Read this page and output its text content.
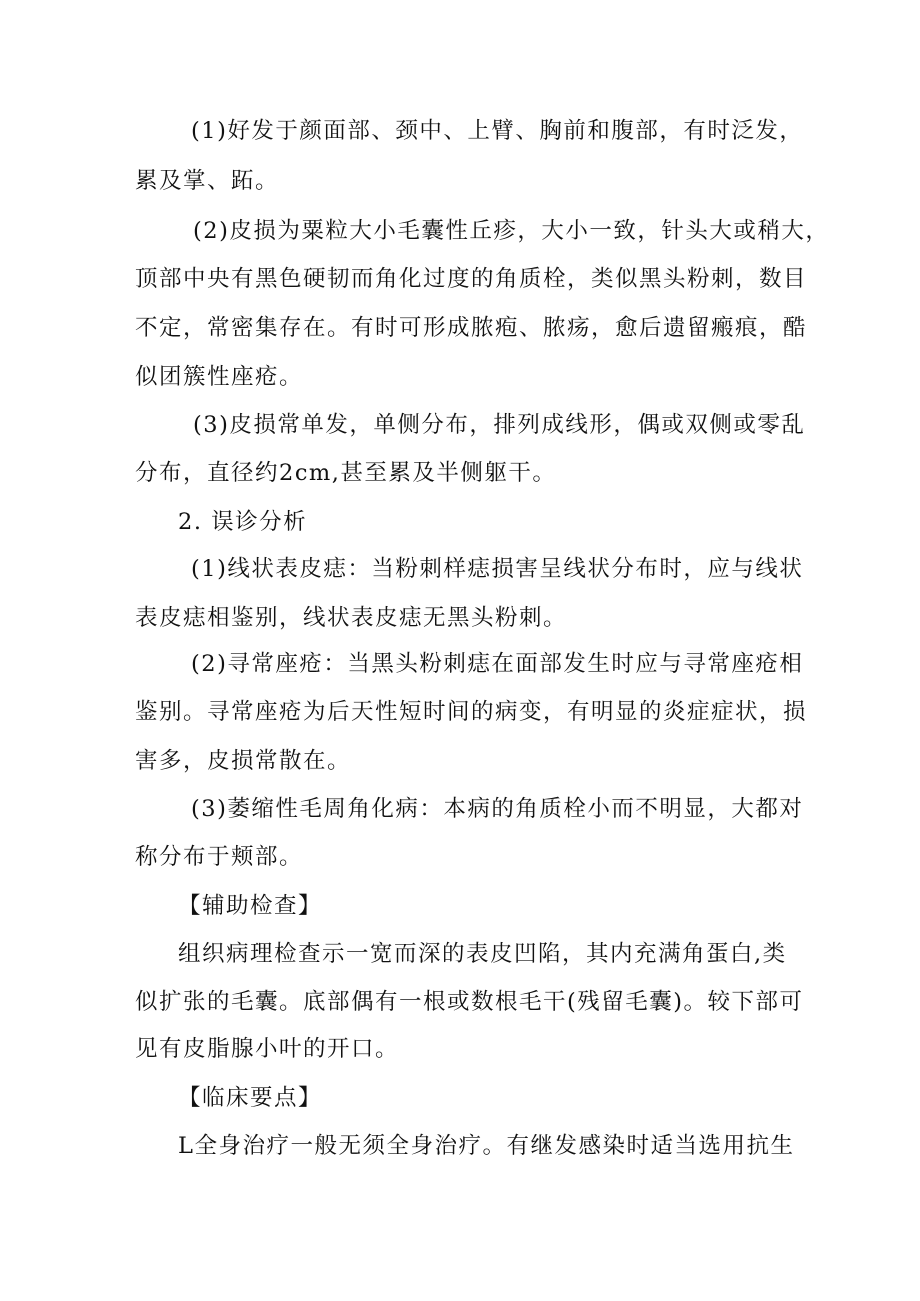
(1)好发于颜面部、颈中、上臂、胸前和腹部，有时泛发，

累及掌、跖。

(2)皮损为粟粒大小毛囊性丘疹，大小一致，针头大或稍大，

顶部中央有黑色硬韧而角化过度的角质栓，类似黑头粉刺，数目

不定，常密集存在。有时可形成脓疱、脓疡，愈后遗留瘢痕，酷

似团簇性座疮。

(3)皮损常单发，单侧分布，排列成线形，偶或双侧或零乱

分布，直径约2cm,甚至累及半侧躯干。

2. 误诊分析

(1)线状表皮痣：当粉刺样痣损害呈线状分布时，应与线状

表皮痣相鉴别，线状表皮痣无黑头粉刺。

(2)寻常座疮：当黑头粉刺痣在面部发生时应与寻常座疮相

鉴别。寻常座疮为后天性短时间的病变，有明显的炎症症状，损

害多，皮损常散在。

(3)萎缩性毛周角化病：本病的角质栓小而不明显，大都对

称分布于颊部。

【辅助检查】

组织病理检查示一宽而深的表皮凹陷，其内充满角蛋白,类

似扩张的毛囊。底部偶有一根或数根毛干(残留毛囊)。较下部可

见有皮脂腺小叶的开口。

【临床要点】

L全身治疗一般无须全身治疗。有继发感染时适当选用抗生
